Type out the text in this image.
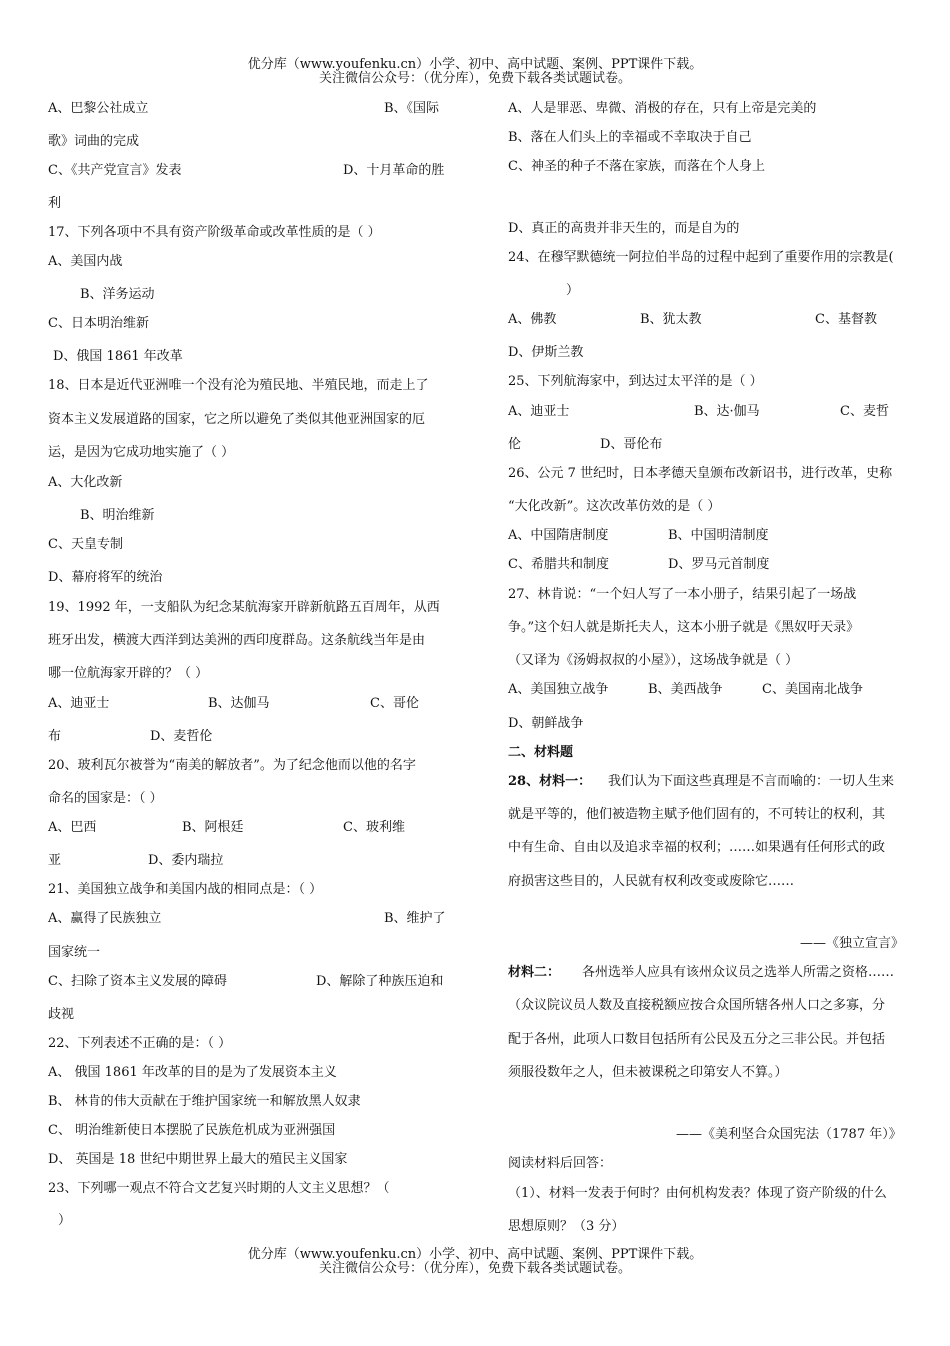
优分库（www.youfenku.cn）小学、初中、高中试题、案例、PPT课件下载。
关注微信公众号：（优分库），免费下载各类试题试卷。
A、巴黎公社成立	B、《国际
歌》词曲的完成
C、《共产党宣言》发表	D、十月革命的胜
利
17、下列各项中不具有资产阶级革命或改革性质的是（ ）
A、美国内战
B、洋务运动
C、日本明治维新
D、俄国 1861 年改革
18、日本是近代亚洲唯一个没有沦为殖民地、半殖民地，而走上了
资本主义发展道路的国家，它之所以避免了类似其他亚洲国家的厄
运，是因为它成功地实施了（ ）
A、大化改新
B、明治维新
C、天皇专制
D、幕府将军的统治
19、1992 年，一支船队为纪念某航海家开辟新航路五百周年，从西
班牙出发，横渡大西洋到达美洲的西印度群岛。这条航线当年是由
哪一位航海家开辟的？（ ）
A、迪亚士	B、达伽马	C、哥伦
布	D、麦哲伦
20、玻利瓦尔被誉为“南美的解放者”。为了纪念他而以他的名字
命名的国家是：（ ）
A、巴西	B、阿根廷	C、玻利维
亚	D、委内瑞拉
21、美国独立战争和美国内战的相同点是：（ ）
A、赢得了民族独立	B、维护了
国家统一
C、扫除了资本主义发展的障碍	D、解除了种族压迫和
歧视
22、下列表述不正确的是：（ ）
A、 俄国 1861 年改革的目的是为了发展资本主义
B、 林肯的伟大贡献在于维护国家统一和解放黑人奴隶
C、 明治维新使日本摆脱了民族危机成为亚洲强国
D、 英国是 18 世纪中期世界上最大的殖民主义国家
23、下列哪一观点不符合文艺复兴时期的人文主义思想？（
）
A、人是罪恶、卑微、消极的存在，只有上帝是完美的
B、落在人们头上的幸福或不幸取决于自己
C、神圣的种子不落在家族，而落在个人身上
D、真正的高贵并非天生的，而是自为的
24、在穆罕默德统一阿拉伯半岛的过程中起到了重要作用的宗教是(
）
A、佛教	B、犹太教	C、基督教
D、伊斯兰教
25、下列航海家中，到达过太平洋的是（ ）
A、迪亚士	B、达·伽马	C、麦哲
伦	D、哥伦布
26、公元 7 世纪时，日本孝德天皇颁布改新诏书，进行改革，史称
“大化改新”。这次改革仿效的是（ ）
A、中国隋唐制度	B、中国明清制度
C、希腊共和制度	D、罗马元首制度
27、林肯说：“一个妇人写了一本小册子，结果引起了一场战
争。”这个妇人就是斯托夫人，这本小册子就是《黑奴吁天录》
（又译为《汤姆叔叔的小屋》），这场战争就是（ ）
A、美国独立战争	B、美西战争	C、美国南北战争
D、朝鲜战争
二、材料题
28、材料一： 我们认为下面这些真理是不言而喻的：一切人生来
就是平等的，他们被造物主赋予他们固有的，不可转让的权利，其
中有生命、自由以及追求幸福的权利；……如果遇有任何形式的政
府损害这些目的，人民就有权利改变或废除它……
——《独立宣言》
材料二： 各州选举人应具有该州众议员之选举人所需之资格……
（众议院议员人数及直接税额应按合众国所辖各州人口之多寡，分
配于各州，此项人口数目包括所有公民及五分之三非公民。并包括
须服役数年之人，但未被课税之印第安人不算。）
——《美利坚合众国宪法（1787 年）》
阅读材料后回答：
（1）、材料一发表于何时？由何机构发表？体现了资产阶级的什么
思想原则？（3 分）
优分库（www.youfenku.cn）小学、初中、高中试题、案例、PPT课件下载。
关注微信公众号：（优分库），免费下载各类试题试卷。
